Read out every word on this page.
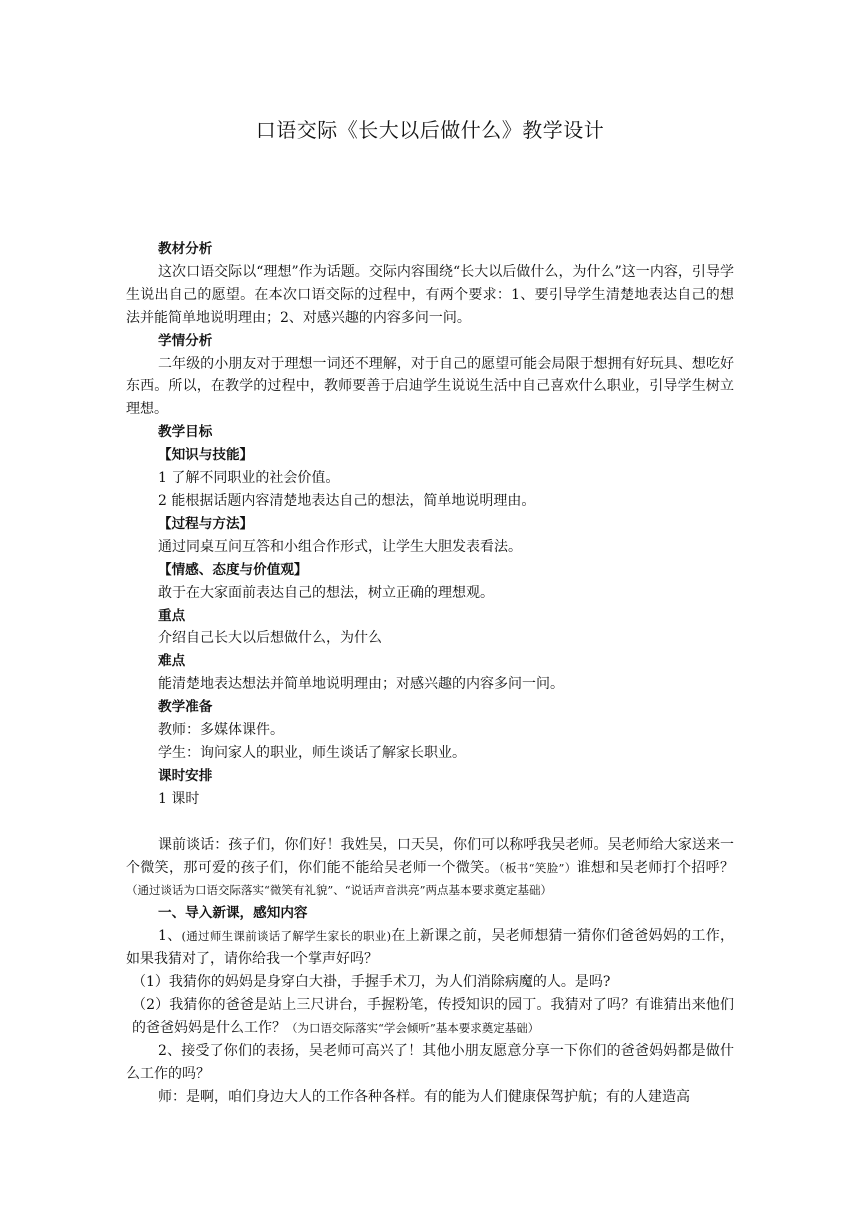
口语交际《长大以后做什么》教学设计

教材分析

这次口语交际以“理想”作为话题。交际内容围绕“长大以后做什么，为什么”这一内容，引导学生说出自己的愿望。在本次口语交际的过程中，有两个要求：1、要引导学生清楚地表达自己的想法并能简单地说明理由；2、对感兴趣的内容多问一问。

学情分析

二年级的小朋友对于理想一词还不理解，对于自己的愿望可能会局限于想拥有好玩具、想吃好东西。所以，在教学的过程中，教师要善于启迪学生说说生活中自己喜欢什么职业，引导学生树立理想。

教学目标

【知识与技能】

1 了解不同职业的社会价值。

2 能根据话题内容清楚地表达自己的想法，简单地说明理由。

【过程与方法】

通过同桌互问互答和小组合作形式，让学生大胆发表看法。

【情感、态度与价值观】

敢于在大家面前表达自己的想法，树立正确的理想观。

重点

介绍自己长大以后想做什么，为什么

难点

能清楚地表达想法并简单地说明理由；对感兴趣的内容多问一问。

教学准备

教师：多媒体课件。

学生：询问家人的职业，师生谈话了解家长职业。

课时安排

1 课时

课前谈话：孩子们，你们好！我姓吴，口天吴，你们可以称呼我吴老师。吴老师给大家送来一个微笑，那可爱的孩子们，你们能不能给吴老师一个微笑。（板书“笑脸”）谁想和吴老师打个招呼？（通过谈话为口语交际落实“微笑有礼貌”、“说话声音洪亮”两点基本要求奠定基础）

一、导入新课，感知内容

1、(通过师生课前谈话了解学生家长的职业)在上新课之前，吴老师想猜一猜你们爸爸妈妈的工作，如果我猜对了，请你给我一个掌声好吗？

（1）我猜你的妈妈是身穿白大褂，手握手术刀，为人们消除病魔的人。是吗?

（2）我猜你的爸爸是站上三尺讲台，手握粉笔，传授知识的园丁。我猜对了吗？有谁猜出来他们的爸爸妈妈是什么工作？（为口语交际落实“学会倾听”基本要求奠定基础）

2、接受了你们的表扬，吴老师可高兴了！其他小朋友愿意分享一下你们的爸爸妈妈都是做什么工作的吗？

师：是啊，咱们身边大人的工作各种各样。有的能为人们健康保驾护航；有的人建造高
